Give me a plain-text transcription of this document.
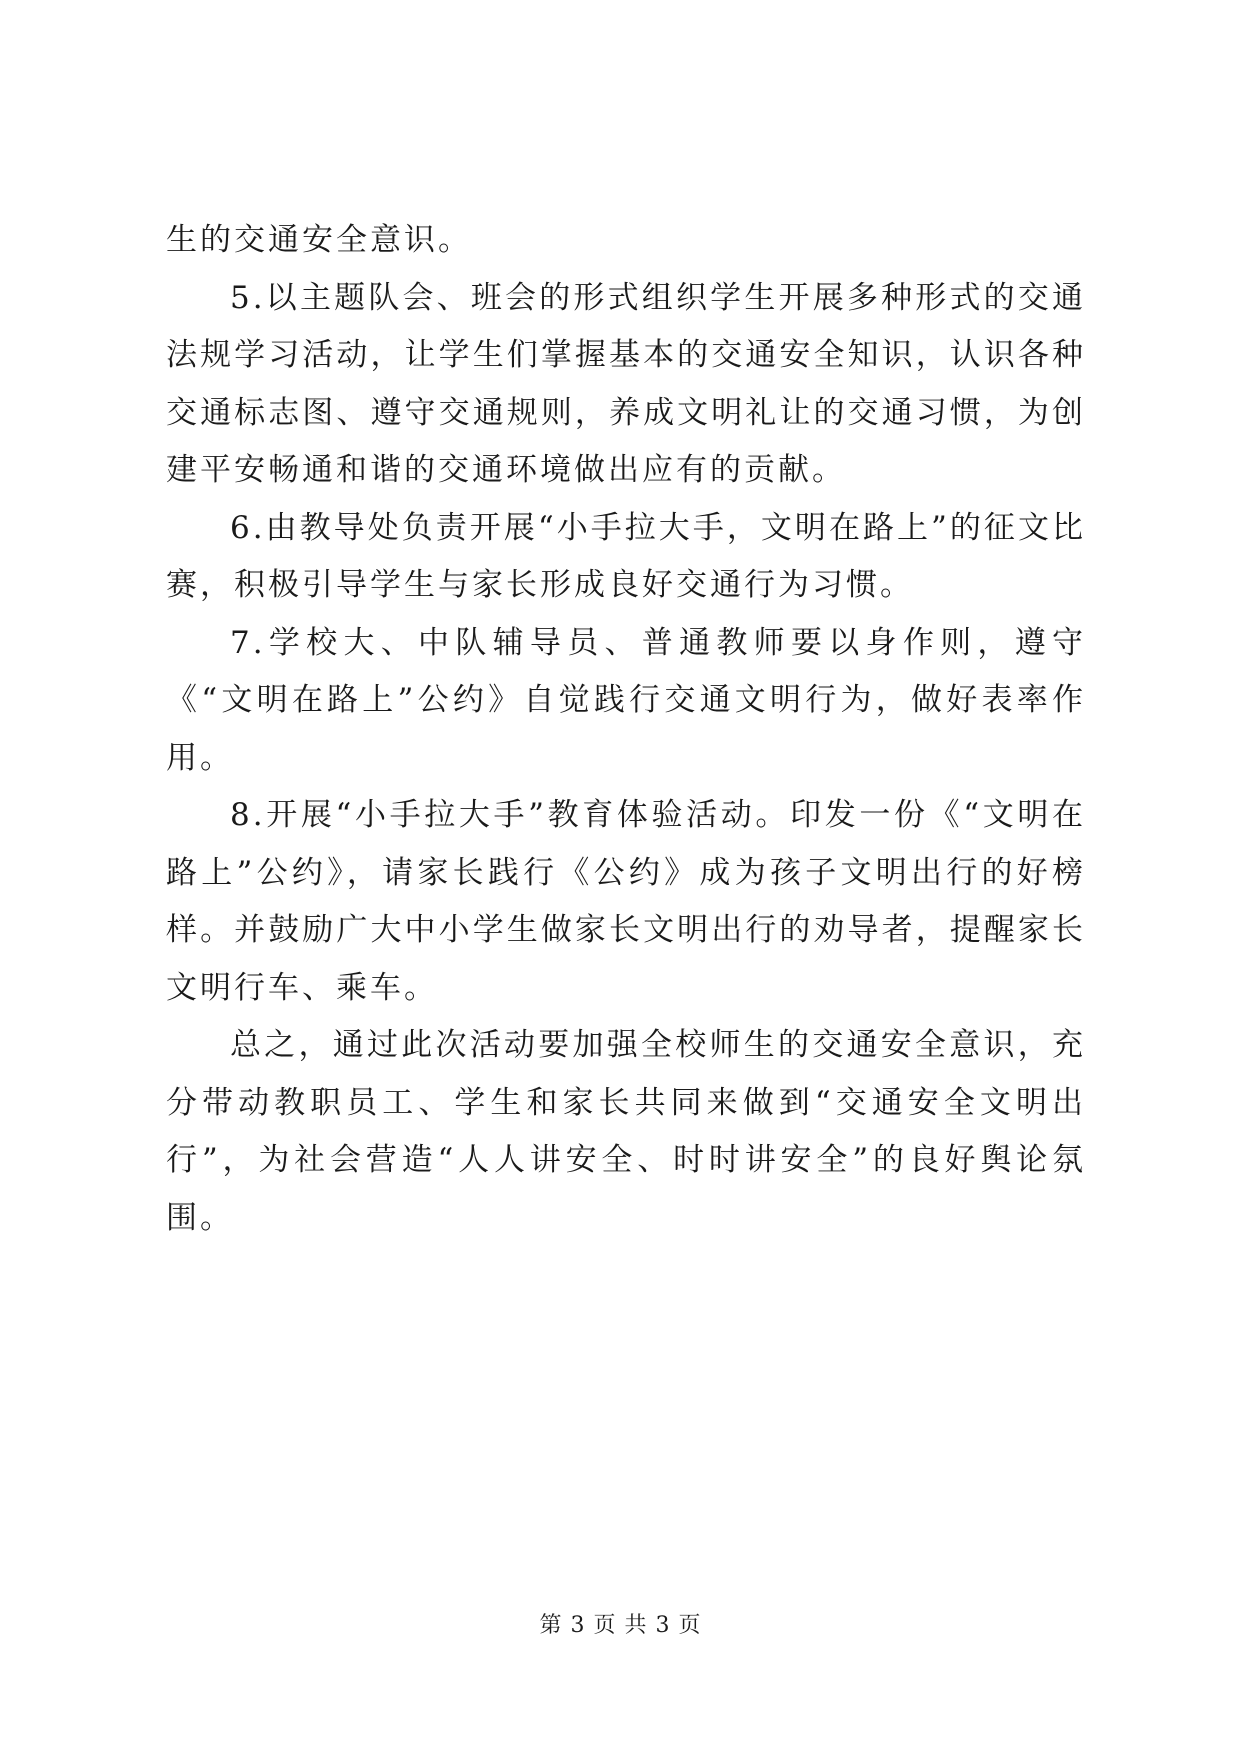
生的交通安全意识。

5.以主题队会、班会的形式组织学生开展多种形式的交通法规学习活动，让学生们掌握基本的交通安全知识，认识各种交通标志图、遵守交通规则，养成文明礼让的交通习惯，为创建平安畅通和谐的交通环境做出应有的贡献。

6.由教导处负责开展“小手拉大手，文明在路上”的征文比赛，积极引导学生与家长形成良好交通行为习惯。

7.学校大、中队辅导员、普通教师要以身作则，遵守《“文明在路上”公约》自觉践行交通文明行为，做好表率作用。

8.开展“小手拉大手”教育体验活动。印发一份《“文明在路上”公约》，请家长践行《公约》成为孩子文明出行的好榜样。并鼓励广大中小学生做家长文明出行的劝导者，提醒家长文明行车、乘车。

总之，通过此次活动要加强全校师生的交通安全意识，充分带动教职员工、学生和家长共同来做到“交通安全文明出行”，为社会营造“人人讲安全、时时讲安全”的良好舆论氛围。

第 3 页 共 3 页
